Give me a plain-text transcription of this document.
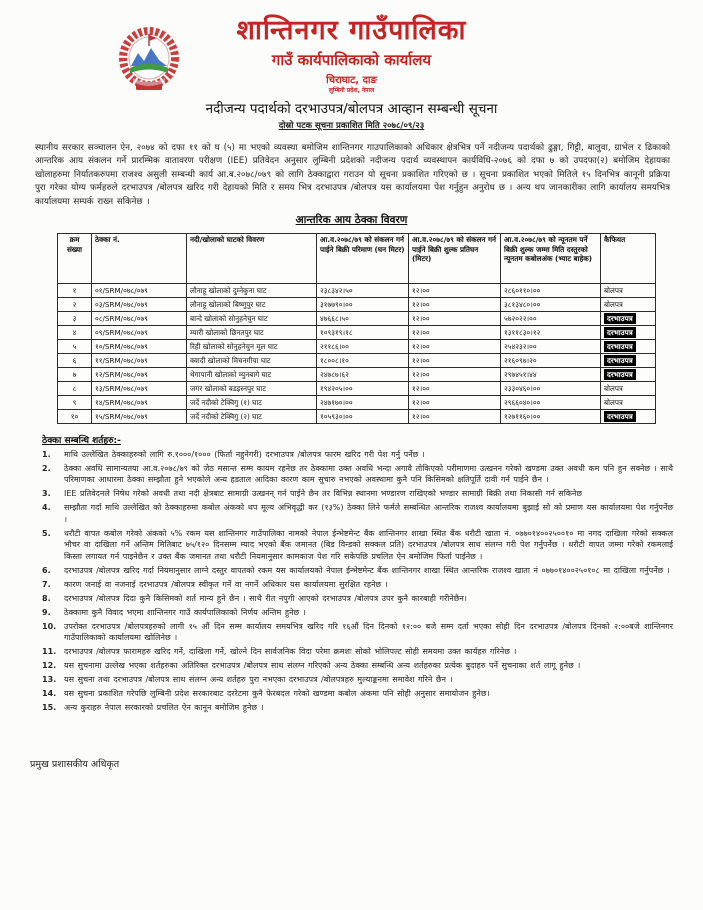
शान्तिनगर गाउँपालिका
गाउँ कार्यपालिकाको कार्यालय
चिराघाट, दाङ
लुम्बिनी प्रदेश, नेपाल
नदीजन्य पदार्थको दरभाउपत्र/बोलपत्र आव्हान सम्बन्धी सूचना
दोस्रो पटक सूचना प्रकाशित मिति २०७८/०९/२३

स्थानीय सरकार सञ्चालन ऐन, २०७४ को दफा ११ को घ (५) मा भएको व्यवस्था बमोजिम शान्तिनगर गाउपालिकाको अधिकार क्षेत्रभित्र पर्ने नदीजन्य पदार्थको ढुङ्गा, गिट्टी, बालुवा, ग्राभेल र ढिकाको आन्तरिक आय संकलन गर्ने प्रारम्भिक वातावरण परीक्षण (IEE) प्रतिवेदन अनुसार लुम्बिनी प्रदेशको नदीजन्य पदार्थ व्यवस्थापन कार्यविधि-२०७६ को दफा ७ को उपदफा(२) बमोजिम देहायका खोलाहरुमा निर्यातकरुपमा राजश्व असुली सम्बन्धी कार्य आ.ब.२०७८/०७९ को लागि ठेक्काद्वारा गराउन यो सूचना प्रकाशित गरिएको छ । सूचना प्रकाशित भएको मितिले १५ दिनभित्र कानूनी प्रक्रिया पुरा गरेका योग्य फर्महरुले दरभाउपत्र /बोलपत्र खरिद गरी देहायको मिति र समय भित्र दरभाउपत्र /बोलपत्र यस कार्यालयमा पेश गर्नुहुन अनुरोध छ । अन्य थप जानकारीका लागि कार्यालय समयभित्र कार्यालयमा सम्पर्क राख्न सकिनेछ ।

आन्तरिक आय ठेक्का विवरण
क्रम संख्या	ठेक्का नं.	नदी/खोलाको घाटको विवरण	आ.व.२०७८/७९ को संकलन गर्न पाईने बिक्री परिमाण (घन मिटर)	आ.व.२०७८/७९ को संकलन गर्न पाईने बिक्री शुल्क प्रतिघन (मिटर)	आ.व.२०७८/७९ को न्यूनतम पर्ने बिक्री शुल्क जम्मा मिति दस्तुरको न्यूनतम कबोलअंक (भ्याट बाहेक)	कैफियत
१	०१/SRM/०७८/०७९	लौनाहू खोलाको दुम्नेकुना घाट	२३८३४२।५०	१२।००	२८६०११०।००	बोलपत्र
२	०३/SRM/०७८/०७९	लौनाहू खोलाको बिष्णुपुर घाट	३१७७९०।००	१२।००	३८१३४८०।००	बोलपत्र
३	०८/SRM/०७८/०७९	बान्दे खोलाको सोनुहनेचुन घाट	४७६६८।५०	१२।००	५७२०२२।००	दरभाउपत्र
४	०९/SRM/०७८/०७९	म्यारी खोलाको छिनतपुर घाट	१०९३१९।१८	१२।००	१३११८३०।१२	दरभाउपत्र
५	१०/SRM/०७८/०७९	रिही खोलाको सोनुहनेचुन मूल घाट	२११८६।००	१२।००	२५४२३२।००	दरभाउपत्र
६	११/SRM/०७८/०७९	क्वादी खोलाको मिचनगीया घाट	१८००८।१०	१२।००	२१६०९७।२०	दरभाउपत्र
७	१२/SRM/०७८/०७९	थेगापानी खोलाको म्युनबागे घाट	२४७८७।६२	१२।००	२९७४५१।४४	दरभाउपत्र
८	१३/SRM/०७८/०७९	जगर खोलाको बडइस्नपुर घाट	१९४२०५।००	१२।००	२३३०४६०।००	बोलपत्र
९	१४/SRM/०७८/०७९	जर्दे नदीको टेक्विगु (१) घाट	२४७१७०।००	१२।००	२९६६०४०।००	बोलपत्र
१०	१५/SRM/०७८/०७९	जर्दे नदीको टेक्विगु (२) घाट	१०५९३०।००	१२।००	१२७११६०।००	दरभाउपत्र
ठेक्का सम्बन्धि शर्तहरु:-
1.	माथि उल्लेखित ठेक्काहरुको लागि रु.१०००/१००० (फिर्ता नहुनेगरी) दरभाउपत्र /बोलपत्र फारम खरिद गरी पेश गर्नु पर्नेछ ।
2.	ठेक्का अवधि सामान्यतया आ.व.२०७८/७९ को जेठ मसान्त सम्म कायम रहनेछ तर ठेक्कामा उक्त अवधि भन्दा अगावै तोकिएको परीमाणमा उत्खनन गरेको खण्डमा उक्त अवधी कम पनि हुन सक्नेछ । साथै परिमाणका आधारमा ठेक्का सम्झौता हुने भएकोले अन्य हडताल आदिका कारण काम सुचारु नभएको अवस्थामा कुनै पनि किसिमको क्षतिपूर्ति दावी गर्न पाईने छैन ।
3.	IEE प्रतिवेदनले निषेध गरेको अवधी तथा नदी क्षेत्रबाट सामाग्री उत्खनन् गर्न पाईने छैन तर विभिन्न स्थानमा भण्डारण राखिएको भण्डार सामाग्री बिक्री तथा निकासी गर्न सकिनेछ
4.	सम्झौता गर्दा माथि उल्लेखित को ठेक्काहरुमा कबोल अंकको थप मूल्य अभिवृद्धी कर (१३%) ठेक्का लिने फर्मले सम्बन्धित आन्तरिक राजश्व कार्यालयमा बुझाई सो को प्रमाण यस कार्यालयमा पेश गर्नुपर्नेछ ।
5.	धरौटी वापत कबोल गरेको अंकको ५% रकम यस शान्तिनगर गाउँपालिका नामको नेपाल ईन्भेष्टमेन्ट बैंक शान्तिनगर शाखा स्थित बैंक धरौटी खाता नं. ०७७०१४००२५००१० मा नगद दाखिला गरेको सक्कल भौचर वा दाखिला गर्ने अन्तिम मितिबाट ७५/१२० दिनसम्म म्याद भएको बैंक जमानत (बिड विन्डको सक्कल प्रति) दरभाउपत्र /बोलपत्र साथ संलग्न गरी पेश गर्नुपर्नेछ । धरौटी वापत जम्मा गरेको रकमलाई किस्ता लगायत गर्न पाइनेछैन र उक्त बैंक जमानत तथा धरौटी नियमानुसार कामकाज पेश गरि सकेपछि प्रचलित ऐन बमोजिम फिर्ता पाईनेछ ।
6.	दरभाउपत्र /बोलपत्र खरिद गर्दा नियमानुसार लाग्ने दस्तुर वापतको रकम यस कार्यालयको नेपाल ईन्भेष्टमेन्ट बैंक शान्तिनगर शाखा स्थित आन्तरिक राजश्व खाता नं ०७७०१४००२५०१०८ मा दाखिला गर्नुपर्नेछ ।
7.	कारण जनाई वा नजनाई दरभाउपत्र /बोलपत्र स्वीकृत गर्ने वा नगर्ने अधिकार यस कार्यालयमा सुरक्षित रहनेछ ।
8.	दरभाउपत्र /बोलपत्र दिदा कुनै किसिमको शर्त मान्य हुने छैन । साथै रीत नपुगी आएको दरभाउपत्र /बोलपत्र उपर कुनै कारबाही गरीनेछैन।
9.	ठेक्कामा कुनै विवाद भएमा शान्तिनगर गाउँ कार्यपालिकाको निर्णय अन्तिम हुनेछ ।
10. उपरोक्त दरभाउपत्र /बोलपत्रहरुको लागी १५ औं दिन सम्म कार्यालय समयभित्र खरिद गरि १६औं दिन दिनको १२:०० बजे सम्म दर्ता भएका सोही दिन दरभाउपत्र /बोलपत्र दिनको २:००बजे शान्तिनगर गाउँपालिकाको कार्यालयमा खोलिनेछ ।
11. दरभाउपत्र /बोलपत्र फारामहरु खरिद गर्ने, दाखिला गर्ने, खोल्ने दिन सार्वजनिक विदा परेमा क्रमशः सोको भोलिपल्ट सोही समयमा उक्त कार्यहरु गरिनेछ ।
12. यस सुचनामा उल्लेख भएका शर्तहरुका अतिरिक्त दरभाउपत्र /बोलपत्र साथ संलग्न गरिएको अन्य ठेक्का सम्बन्धि अन्य शर्तहरुका प्रत्येक बुदाहरु पर्ने सुचनाका शर्त लागू हुनेछ ।
13. यस सुचना तथा दरभाउपत्र /बोलपत्र साथ संलग्न अन्य शर्तहरु पुरा नभएका दरभाउपत्र /बोलपत्रहरु मुल्याङ्कनमा समावेश गरिने छैन ।
14. यस सुचना प्रकाशित गरेपछि लुम्बिनी प्रदेश सरकारबाट दररेटमा कुनै फेरबदल गरेको खण्डमा कबोल अंकमा पनि सोही अनुसार समायोजन हुनेछ।
15. अन्य कुराहरु नेपाल सरकारको प्रचलित ऐन कानून बमोजिम हुनेछ ।
प्रमुख प्रशासकीय अधिकृत
